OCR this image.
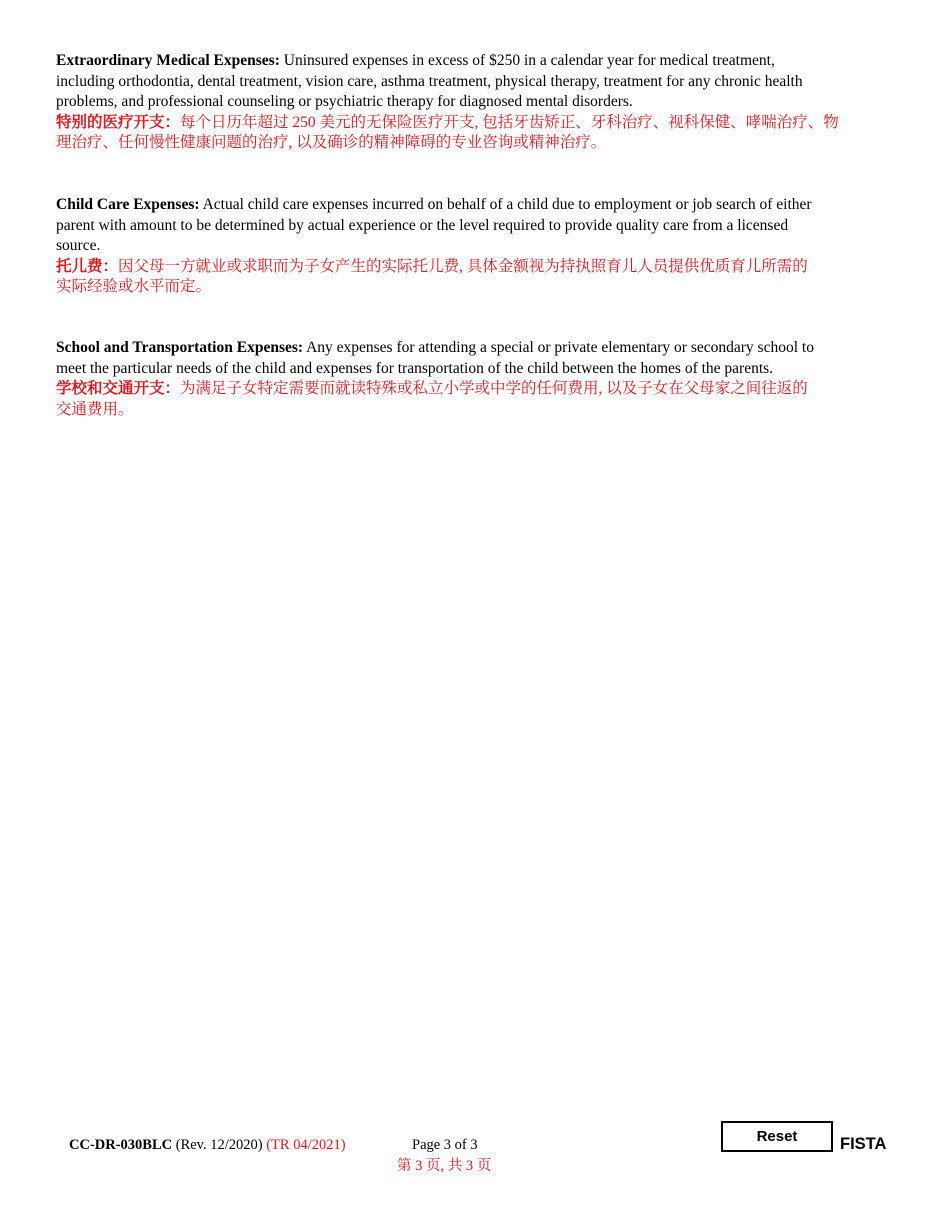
Extraordinary Medical Expenses: Uninsured expenses in excess of $250 in a calendar year for medical treatment,
including orthodontia, dental treatment, vision care, asthma treatment, physical therapy, treatment for any chronic health
problems, and professional counseling or psychiatric therapy for diagnosed mental disorders.
特别的医疗开支：每个日历年超过 250 美元的无保险医疗开支, 包括牙齿矫正、牙科治疗、视科保健、哮喘治疗、物
理治疗、任何慢性健康问题的治疗, 以及确诊的精神障碍的专业咨询或精神治疗。
Child Care Expenses: Actual child care expenses incurred on behalf of a child due to employment or job search of either
parent with amount to be determined by actual experience or the level required to provide quality care from a licensed
source.
托儿费：因父母一方就业或求职而为子女产生的实际托儿费, 具体金额视为持执照育儿人员提供优质育儿所需的
实际经验或水平而定。
School and Transportation Expenses: Any expenses for attending a special or private elementary or secondary school to
meet the particular needs of the child and expenses for transportation of the child between the homes of the parents.
学校和交通开支：为满足子女特定需要而就读特殊或私立小学或中学的任何费用, 以及子女在父母家之间往返的
交通费用。
CC-DR-030BLC (Rev. 12/2020) (TR 04/2021)	Page 3 of 3
第 3 页, 共 3 页
Reset	FISTA
